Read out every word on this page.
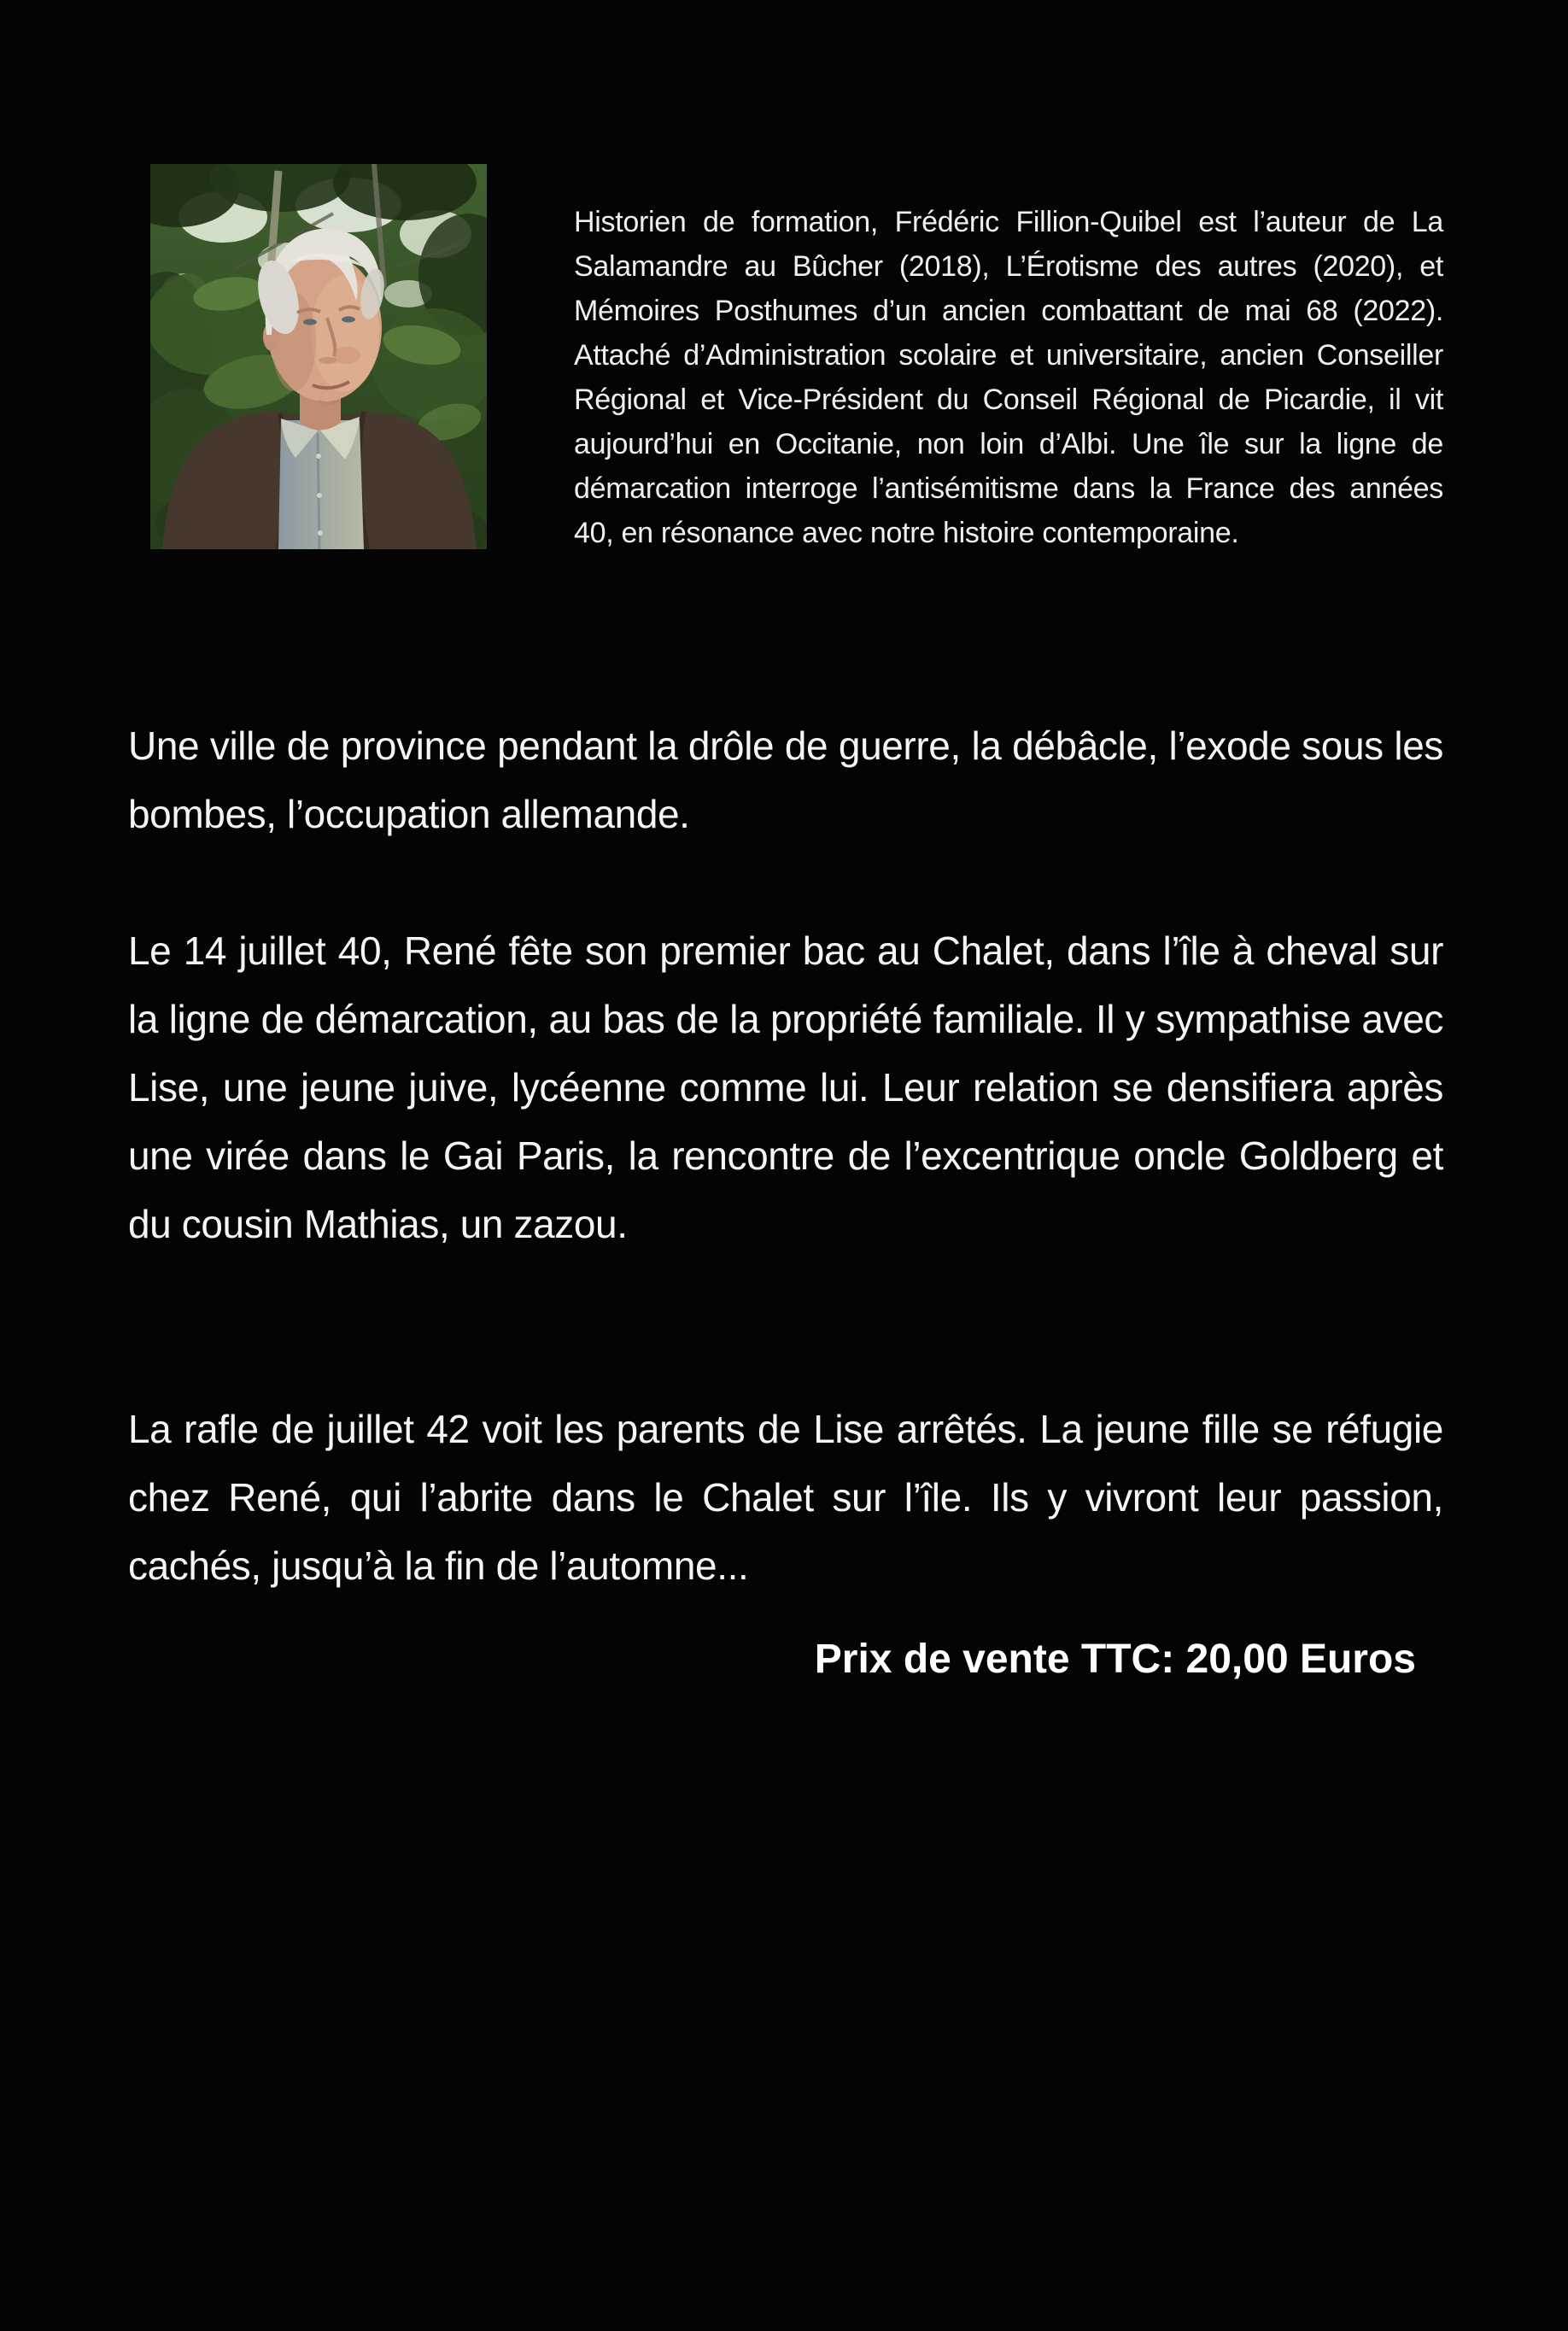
Historien de formation, Frédéric Fillion-Quibel est l’auteur de La Salamandre au Bûcher (2018), L’Érotisme des autres (2020), et Mémoires Posthumes d’un ancien combattant de mai 68 (2022). Attaché d’Administration scolaire et universitaire, ancien Conseiller Régional et Vice-Président du Conseil Régional de Picardie, il vit aujourd’hui en Occitanie, non loin d’Albi. Une île sur la ligne de démarcation interroge l’antisémitisme dans la France des années 40, en résonance avec notre histoire contemporaine.

Une ville de province pendant la drôle de guerre, la débâcle, l’exode sous les bombes, l’occupation allemande.

Le 14 juillet 40, René fête son premier bac au Chalet, dans l’île à cheval sur la ligne de démarcation, au bas de la propriété familiale. Il y sympathise avec Lise, une jeune juive, lycéenne comme lui. Leur relation se densifiera après une virée dans le Gai Paris, la rencontre de l’excentrique oncle Goldberg et du cousin Mathias, un zazou.

La rafle de juillet 42 voit les parents de Lise arrêtés. La jeune fille se réfugie chez René, qui l’abrite dans le Chalet sur l’île. Ils y vivront leur passion, cachés, jusqu’à la fin de l’automne...

Prix de vente TTC: 20,00 Euros
